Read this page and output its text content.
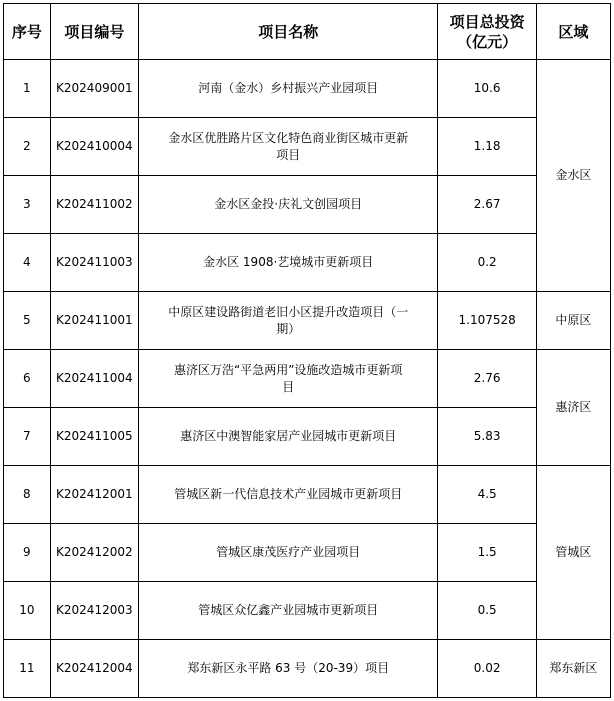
序号	项目编号	项目名称	项目总投资（亿元）	区域
1	K202409001	河南（金水）乡村振兴产业园项目	10.6	金水区
2	K202410004	金水区优胜路片区文化特色商业街区城市更新项目	1.18	
3	K202411002	金水区金投·庆礼文创园项目	2.67	
4	K202411003	金水区 1908·艺境城市更新项目	0.2	
5	K202411001	中原区建设路街道老旧小区提升改造项目（一期）	1.107528	中原区
6	K202411004	惠济区万浩“平急两用”设施改造城市更新项目	2.76	惠济区
7	K202411005	惠济区中澳智能家居产业园城市更新项目	5.83	
8	K202412001	管城区新一代信息技术产业园城市更新项目	4.5	管城区
9	K202412002	管城区康茂医疗产业园项目	1.5	
10	K202412003	管城区众亿鑫产业园城市更新项目	0.5	
11	K202412004	郑东新区永平路 63 号（20-39）项目	0.02	郑东新区
